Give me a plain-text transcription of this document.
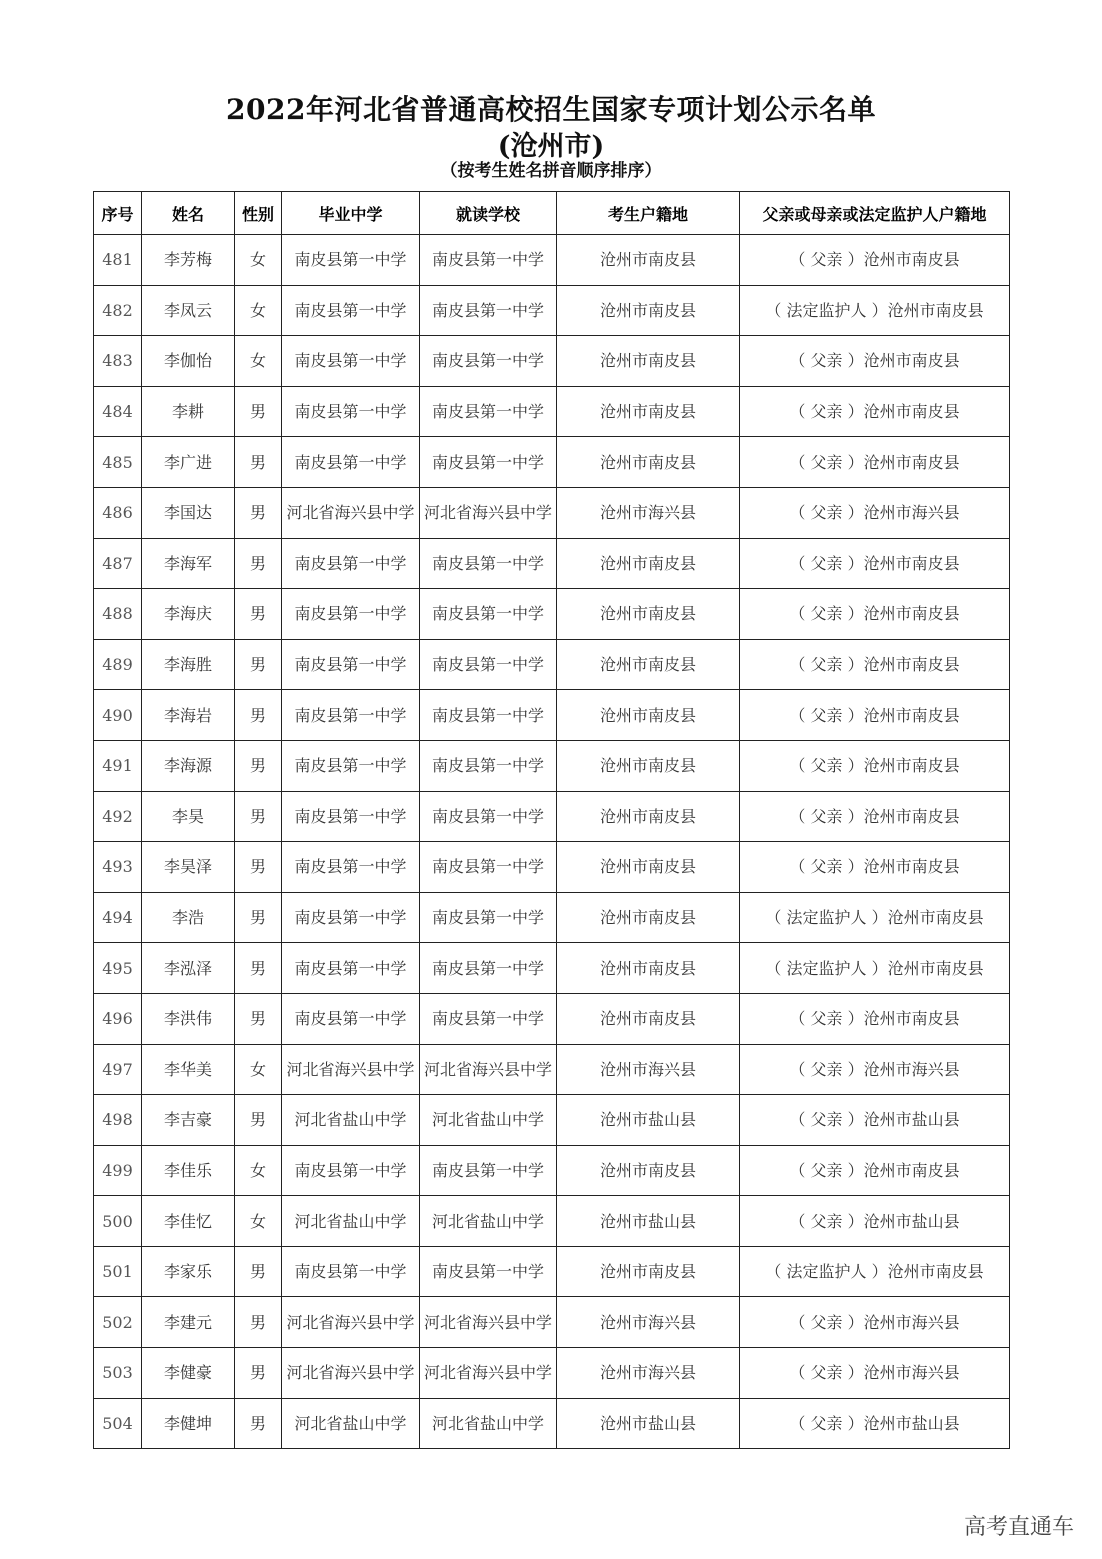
2022年河北省普通高校招生国家专项计划公示名单
(沧州市)
（按考生姓名拼音顺序排序）
序号	姓名	性别	毕业中学	就读学校	考生户籍地	父亲或母亲或法定监护人户籍地
481	李芳梅	女	南皮县第一中学	南皮县第一中学	沧州市南皮县	（ 父亲 ）沧州市南皮县
482	李凤云	女	南皮县第一中学	南皮县第一中学	沧州市南皮县	（ 法定监护人 ）沧州市南皮县
483	李伽怡	女	南皮县第一中学	南皮县第一中学	沧州市南皮县	（ 父亲 ）沧州市南皮县
484	李耕	男	南皮县第一中学	南皮县第一中学	沧州市南皮县	（ 父亲 ）沧州市南皮县
485	李广进	男	南皮县第一中学	南皮县第一中学	沧州市南皮县	（ 父亲 ）沧州市南皮县
486	李国达	男	河北省海兴县中学	河北省海兴县中学	沧州市海兴县	（ 父亲 ）沧州市海兴县
487	李海军	男	南皮县第一中学	南皮县第一中学	沧州市南皮县	（ 父亲 ）沧州市南皮县
488	李海庆	男	南皮县第一中学	南皮县第一中学	沧州市南皮县	（ 父亲 ）沧州市南皮县
489	李海胜	男	南皮县第一中学	南皮县第一中学	沧州市南皮县	（ 父亲 ）沧州市南皮县
490	李海岩	男	南皮县第一中学	南皮县第一中学	沧州市南皮县	（ 父亲 ）沧州市南皮县
491	李海源	男	南皮县第一中学	南皮县第一中学	沧州市南皮县	（ 父亲 ）沧州市南皮县
492	李昊	男	南皮县第一中学	南皮县第一中学	沧州市南皮县	（ 父亲 ）沧州市南皮县
493	李昊泽	男	南皮县第一中学	南皮县第一中学	沧州市南皮县	（ 父亲 ）沧州市南皮县
494	李浩	男	南皮县第一中学	南皮县第一中学	沧州市南皮县	（ 法定监护人 ）沧州市南皮县
495	李泓泽	男	南皮县第一中学	南皮县第一中学	沧州市南皮县	（ 法定监护人 ）沧州市南皮县
496	李洪伟	男	南皮县第一中学	南皮县第一中学	沧州市南皮县	（ 父亲 ）沧州市南皮县
497	李华美	女	河北省海兴县中学	河北省海兴县中学	沧州市海兴县	（ 父亲 ）沧州市海兴县
498	李吉豪	男	河北省盐山中学	河北省盐山中学	沧州市盐山县	（ 父亲 ）沧州市盐山县
499	李佳乐	女	南皮县第一中学	南皮县第一中学	沧州市南皮县	（ 父亲 ）沧州市南皮县
500	李佳忆	女	河北省盐山中学	河北省盐山中学	沧州市盐山县	（ 父亲 ）沧州市盐山县
501	李家乐	男	南皮县第一中学	南皮县第一中学	沧州市南皮县	（ 法定监护人 ）沧州市南皮县
502	李建元	男	河北省海兴县中学	河北省海兴县中学	沧州市海兴县	（ 父亲 ）沧州市海兴县
503	李健豪	男	河北省海兴县中学	河北省海兴县中学	沧州市海兴县	（ 父亲 ）沧州市海兴县
504	李健坤	男	河北省盐山中学	河北省盐山中学	沧州市盐山县	（ 父亲 ）沧州市盐山县
高考直通车
